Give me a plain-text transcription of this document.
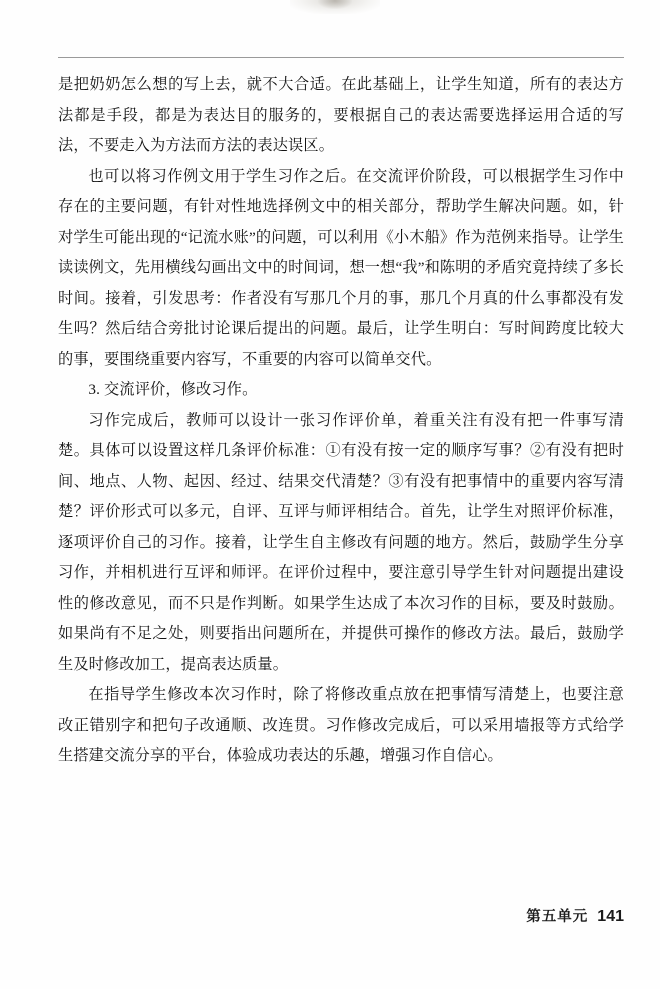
是把奶奶怎么想的写上去，就不大合适。在此基础上，让学生知道，所有的表达方法都是手段，都是为表达目的服务的，要根据自己的表达需要选择运用合适的写法，不要走入为方法而方法的表达误区。

也可以将习作例文用于学生习作之后。在交流评价阶段，可以根据学生习作中存在的主要问题，有针对性地选择例文中的相关部分，帮助学生解决问题。如，针对学生可能出现的“记流水账”的问题，可以利用《小木船》作为范例来指导。让学生读读例文，先用横线勾画出文中的时间词，想一想“我”和陈明的矛盾究竟持续了多长时间。接着，引发思考：作者没有写那几个月的事，那几个月真的什么事都没有发生吗？然后结合旁批讨论课后提出的问题。最后，让学生明白：写时间跨度比较大的事，要围绕重要内容写，不重要的内容可以简单交代。

3. 交流评价，修改习作。

习作完成后，教师可以设计一张习作评价单，着重关注有没有把一件事写清楚。具体可以设置这样几条评价标准：①有没有按一定的顺序写事？②有没有把时间、地点、人物、起因、经过、结果交代清楚？③有没有把事情中的重要内容写清楚？评价形式可以多元，自评、互评与师评相结合。首先，让学生对照评价标准，逐项评价自己的习作。接着，让学生自主修改有问题的地方。然后，鼓励学生分享习作，并相机进行互评和师评。在评价过程中，要注意引导学生针对问题提出建设性的修改意见，而不只是作判断。如果学生达成了本次习作的目标，要及时鼓励。如果尚有不足之处，则要指出问题所在，并提供可操作的修改方法。最后，鼓励学生及时修改加工，提高表达质量。

在指导学生修改本次习作时，除了将修改重点放在把事情写清楚上，也要注意改正错别字和把句子改通顺、改连贯。习作修改完成后，可以采用墙报等方式给学生搭建交流分享的平台，体验成功表达的乐趣，增强习作自信心。

第五单元 141
